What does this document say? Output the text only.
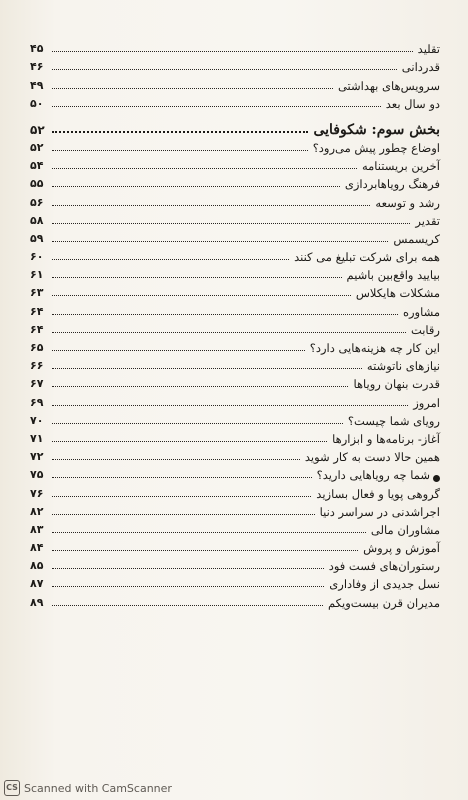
تقلید
۴۵
قدردانی
۴۶
سرویس‌های بهداشتی
۴۹
دو سال بعد
۵۰
بخش سوم: شکوفایی
۵۲
اوضاع چطور پیش می‌رود؟
۵۲
آخرین بریستنامه
۵۴
فرهنگ رویاهابردازی
۵۵
رشد و توسعه
۵۶
تقدیر
۵۸
کریسمس
۵۹
همه برای شرکت تبلیغ می کنند
۶۰
بیایید واقع‌بین باشیم
۶۱
مشکلات هایکلاس
۶۳
مشاوره
۶۴
رقابت
۶۴
این کار چه هزینه‌هایی دارد؟
۶۵
نیازهای ناتوشته
۶۶
قدرت بنهان رویاها
۶۷
امروز
۶۹
رویای شما چیست؟
۷۰
آغاز- برنامه‌ها و ابزارها
۷۱
همین حالا دست به کار شوید
۷۲
شما چه رویاهایی دارید؟
۷۵
گروهی پویا و فعال بسازید
۷۶
اجراشدنی در سراسر دنیا
۸۲
مشاوران مالی
۸۳
آموزش و پروش
۸۴
رستوران‌های فست فود
۸۵
نسل جدیدی از وفاداری
۸۷
مدیران قرن بیست‌ویکم
۸۹
CS Scanned with CamScanner
